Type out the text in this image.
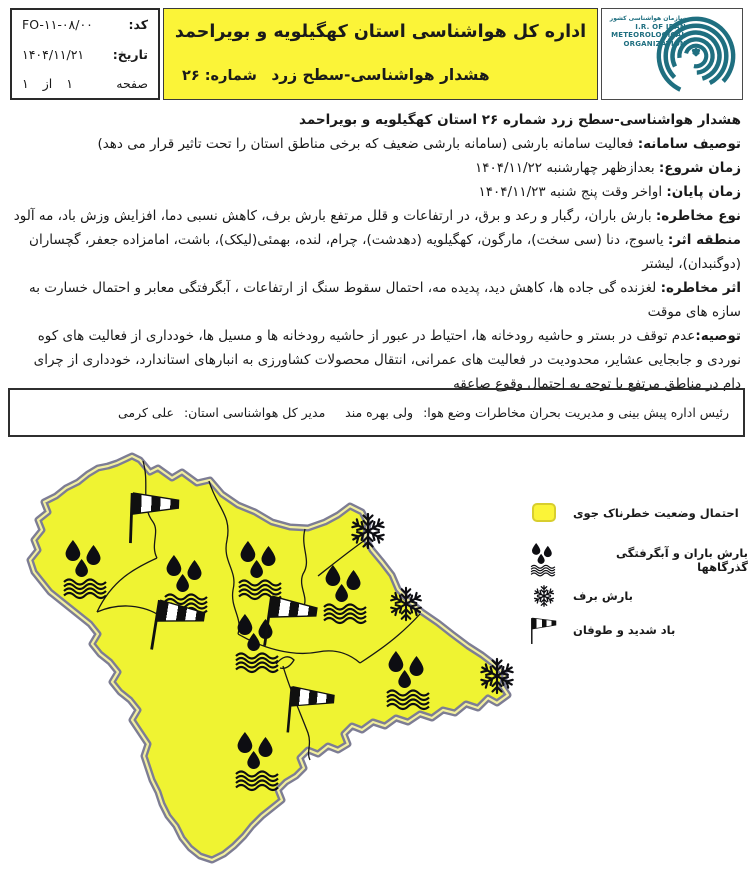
کد:
FO-۱۱-۰۸/۰۰
تاریخ:
۱۴۰۴/۱۱/۲۱
صفحه
۱ از ۱
اداره کل هواشناسی استان کهگیلویه و بویراحمد
هشدار هواشناسی-سطح زرد
شماره: ۲۶
سازمان هواشناسی کشور
I.R. OF IRAN
METEOROLOGICAL
ORGANIZATION

هشدار هواشناسی-سطح زرد شماره ۲۶ استان کهگیلویه و بویراحمد

توصیف سامانه: فعالیت سامانه بارشی (سامانه بارشی ضعیف که برخی مناطق استان را تحت تاثیر قرار می دهد)

زمان شروع: بعدازظهر چهارشنبه ۱۴۰۴/۱۱/۲۲

زمان پایان: اواخر وقت پنج شنبه ۱۴۰۴/۱۱/۲۳

نوع مخاطره: بارش باران، رگبار و رعد و برق، در ارتفاعات و قلل مرتفع بارش برف، کاهش نسبی دما، افزایش وزش باد، مه آلود

منطقه اثر: یاسوج، دنا (سی سخت)، مارگون، کهگیلویه (دهدشت)، چرام، لنده، بهمئی(لیکک)، باشت، امامزاده جعفر، گچساران (دوگنبدان)، لیشتر

اثر مخاطره: لغزنده گی جاده ها، کاهش دید، پدیده مه، احتمال سقوط سنگ از ارتفاعات ، آبگرفتگی معابر و احتمال خسارت به سازه های موقت

توصیه:عدم توقف در بستر و حاشیه رودخانه ها، احتیاط در عبور از حاشیه رودخانه ها و مسیل ها، خودداری از فعالیت های کوه نوردی و جابجایی عشایر، محدودیت در فعالیت های عمرانی، انتقال محصولات کشاورزی به انبارهای استاندارد، خودداری از چرای دام در مناطق مرتفع با توجه به احتمال وقوع صاعقه

رئیس اداره پیش بینی و مدیریت بحران مخاطرات وضع هوا: ولی بهره مند
مدیر کل هواشناسی استان: علی کرمی
احتمال وضعیت خطرناک جوی
بارش باران و آبگرفتگی گذرگاهها
بارش برف
باد شدید و طوفان
